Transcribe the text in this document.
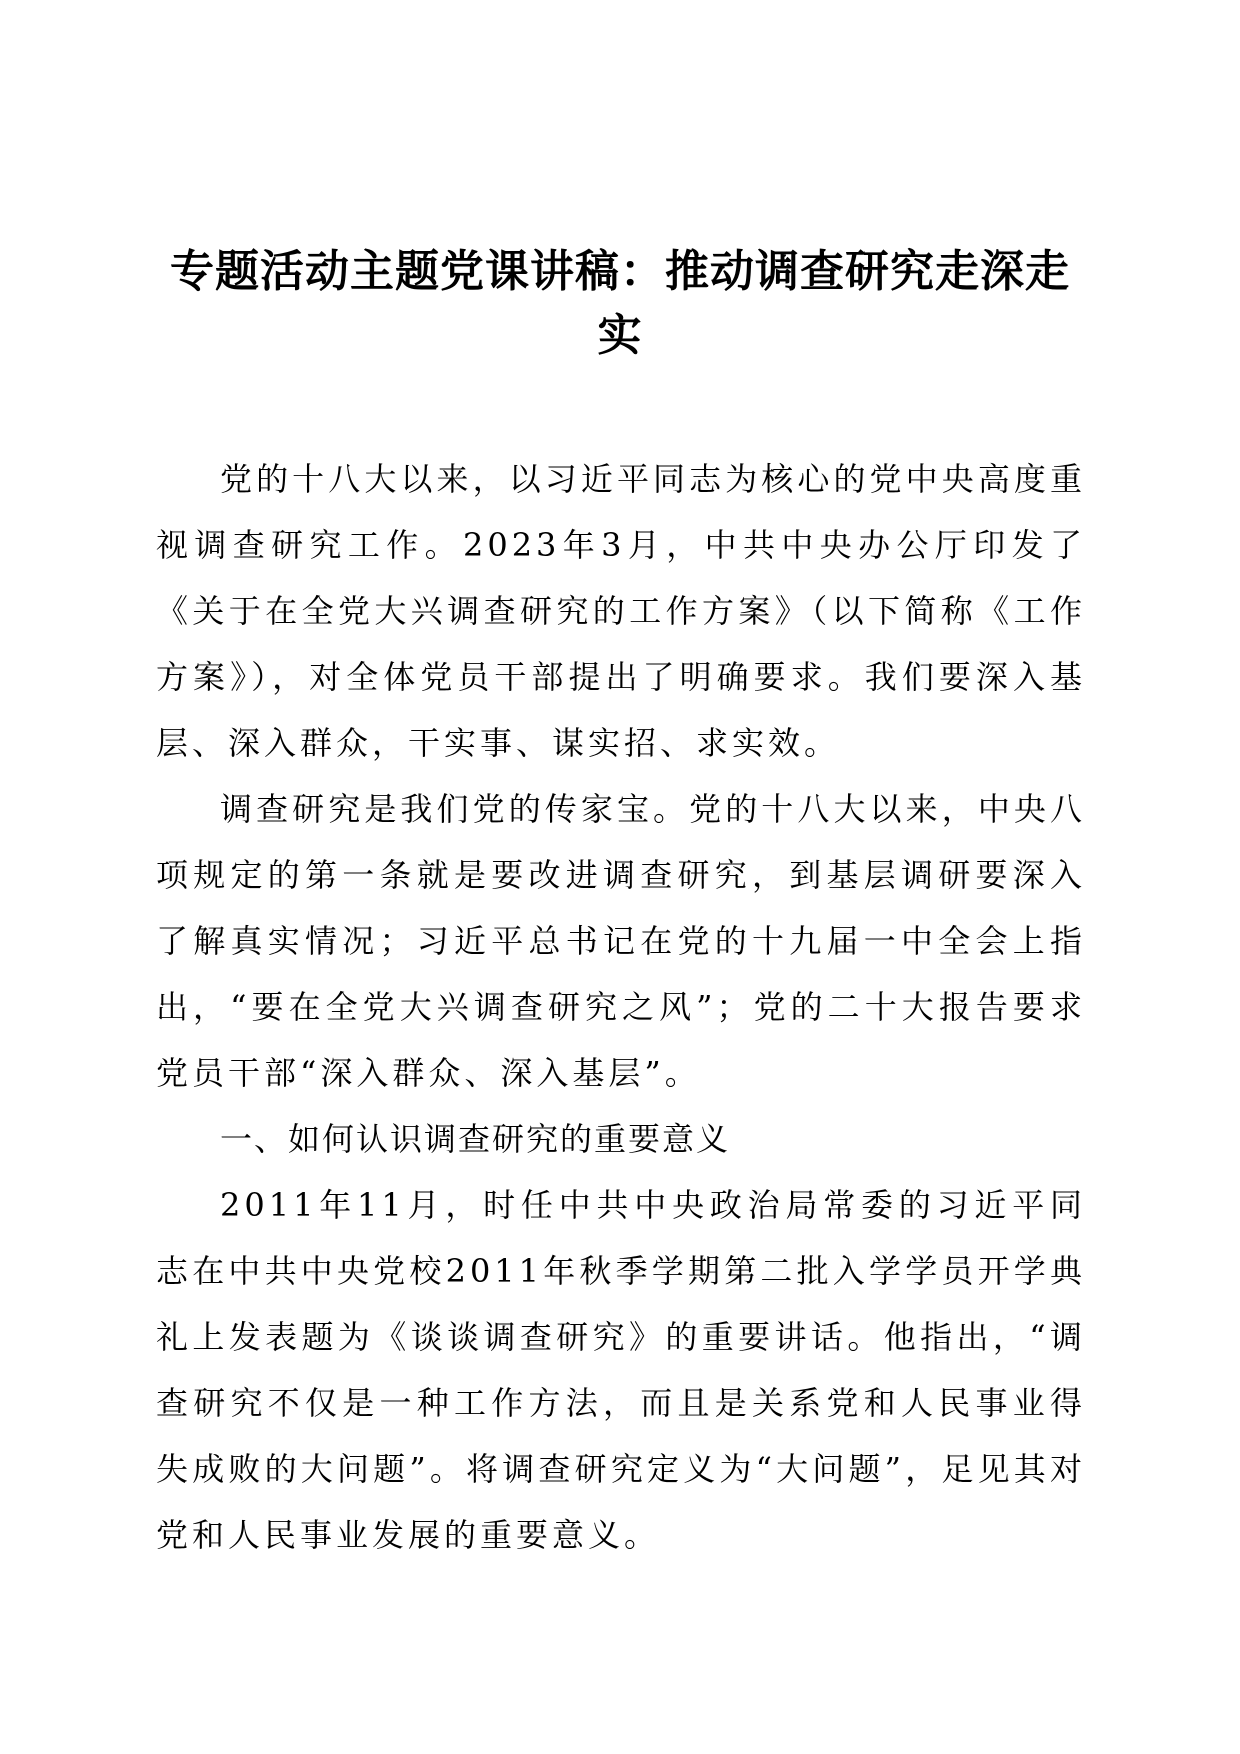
专题活动主题党课讲稿：推动调查研究走深走实

党的十八大以来，以习近平同志为核心的党中央高度重视调查研究工作。2023年3月，中共中央办公厅印发了《关于在全党大兴调查研究的工作方案》（以下简称《工作方案》），对全体党员干部提出了明确要求。我们要深入基层、深入群众，干实事、谋实招、求实效。

调查研究是我们党的传家宝。党的十八大以来，中央八项规定的第一条就是要改进调查研究，到基层调研要深入了解真实情况；习近平总书记在党的十九届一中全会上指出，“要在全党大兴调查研究之风”；党的二十大报告要求党员干部“深入群众、深入基层”。

一、如何认识调查研究的重要意义

2011年11月，时任中共中央政治局常委的习近平同志在中共中央党校2011年秋季学期第二批入学学员开学典礼上发表题为《谈谈调查研究》的重要讲话。他指出，“调查研究不仅是一种工作方法，而且是关系党和人民事业得失成败的大问题”。将调查研究定义为“大问题”，足见其对党和人民事业发展的重要意义。
